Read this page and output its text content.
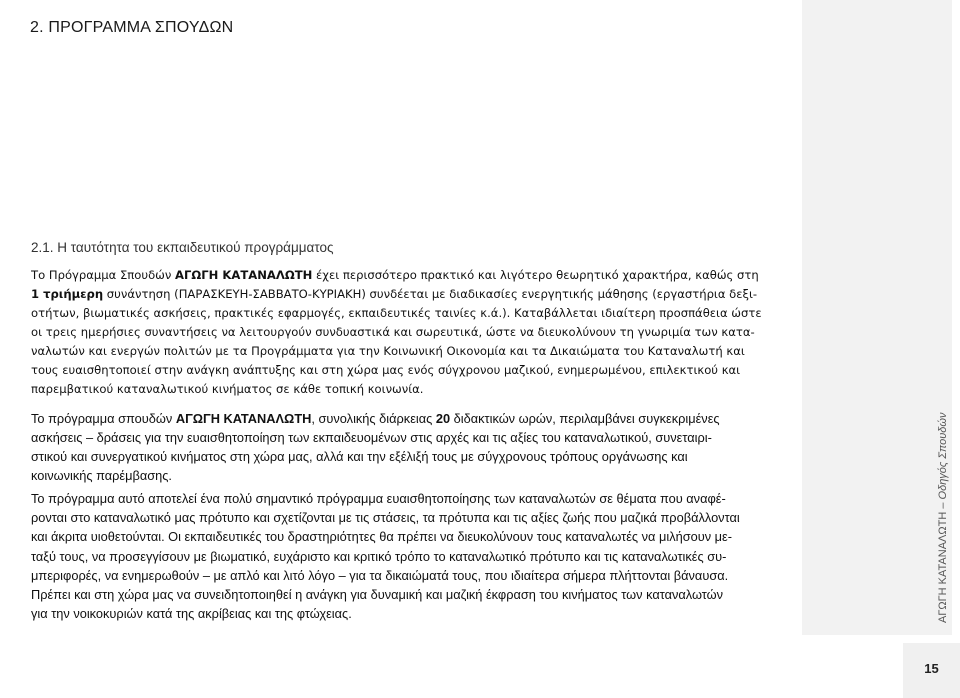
ΑΓΩΓΗ ΚΑΤΑΝΑΛΩΤΗ – Οδηγός Σπουδών
2. ΠΡΟΓΡΑΜΜΑ ΣΠΟΥΔΩΝ
2.1. Η ταυτότητα του εκπαιδευτικού προγράμματος

Το Πρόγραμμα Σπουδών ΑΓΩΓΗ ΚΑΤΑΝΑΛΩΤΗ έχει περισσότερο πρακτικό και λιγότερο θεωρητικό χαρακτήρα, καθώς στη
1 τριήμερη συνάντηση (ΠΑΡΑΣΚΕΥΗ-ΣΑΒΒΑΤΟ-ΚΥΡΙΑΚΗ) συνδέεται με διαδικασίες ενεργητικής μάθησης (εργαστήρια δεξι-
οτήτων, βιωματικές ασκήσεις, πρακτικές εφαρμογές, εκπαιδευτικές ταινίες κ.ά.). Καταβάλλεται ιδιαίτερη προσπάθεια ώστε
οι τρεις ημερήσιες συναντήσεις να λειτουργούν συνδυαστικά και σωρευτικά, ώστε να διευκολύνουν τη γνωριμία των κατα-
ναλωτών και ενεργών πολιτών με τα Προγράμματα για την Κοινωνική Οικονομία και τα Δικαιώματα του Καταναλωτή και
τους ευαισθητοποιεί στην ανάγκη ανάπτυξης και στη χώρα μας ενός σύγχρονου μαζικού, ενημερωμένου, επιλεκτικού και
παρεμβατικού καταναλωτικού κινήματος σε κάθε τοπική κοινωνία.

Το πρόγραμμα σπουδών ΑΓΩΓΗ ΚΑΤΑΝΑΛΩΤΗ, συνολικής διάρκειας 20 διδακτικών ωρών, περιλαμβάνει συγκεκριμένες
ασκήσεις – δράσεις για την ευαισθητοποίηση των εκπαιδευομένων στις αρχές και τις αξίες του καταναλωτικού, συνεταιρι-
στικού και συνεργατικού κινήματος στη χώρα μας, αλλά και την εξέλιξή τους με σύγχρονους τρόπους οργάνωσης και
κοινωνικής παρέμβασης.

Το πρόγραμμα αυτό αποτελεί ένα πολύ σημαντικό πρόγραμμα ευαισθητοποίησης των καταναλωτών σε θέματα που αναφέ-
ρονται στο καταναλωτικό μας πρότυπο και σχετίζονται με τις στάσεις, τα πρότυπα και τις αξίες ζωής που μαζικά προβάλλονται
και άκριτα υιοθετούνται. Οι εκπαιδευτικές του δραστηριότητες θα πρέπει να διευκολύνουν τους καταναλωτές να μιλήσουν με-
ταξύ τους, να προσεγγίσουν με βιωματικό, ευχάριστο και κριτικό τρόπο το καταναλωτικό πρότυπο και τις καταναλωτικές συ-
μπεριφορές, να ενημερωθούν – με απλό και λιτό λόγο – για τα δικαιώματά τους, που ιδιαίτερα σήμερα πλήττονται βάναυσα.
Πρέπει και στη χώρα μας να συνειδητοποιηθεί η ανάγκη για δυναμική και μαζική έκφραση του κινήματος των καταναλωτών
για την νοικοκυριών κατά της ακρίβειας και της φτώχειας.

15
